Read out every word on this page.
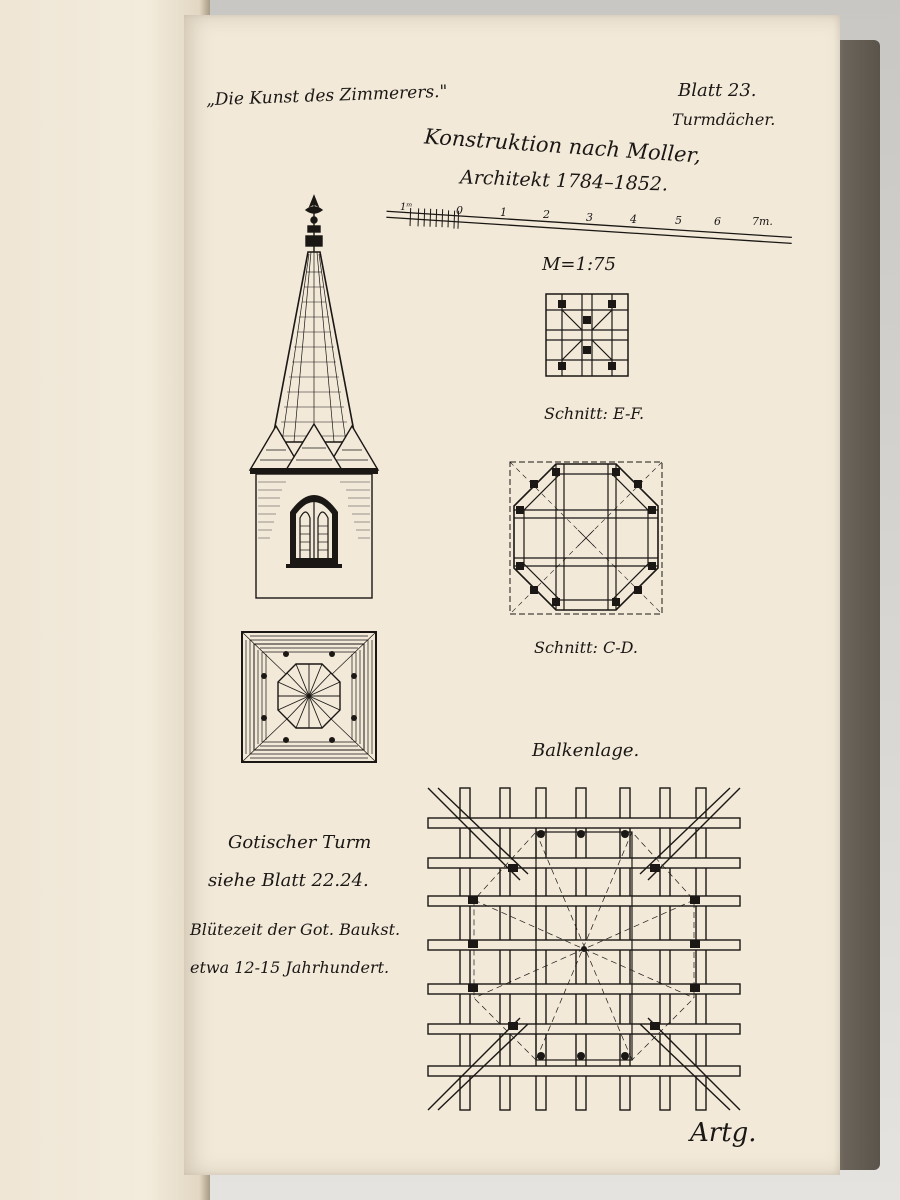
„Die Kunst des Zimmerers."	Blatt 23.
Turmdächer.
Konstruktion nach Moller,
Architekt 1784–1852.
1ᵐ	0	1	2	3	4	5	6	7m.
M=1:75
Schnitt: E-F.
Schnitt: C-D.
Gotischer Turm
siehe Blatt 22.24.
Blütezeit der Got. Baukst.
etwa 12-15 Jahrhundert.
Balkenlage.
Artg.
